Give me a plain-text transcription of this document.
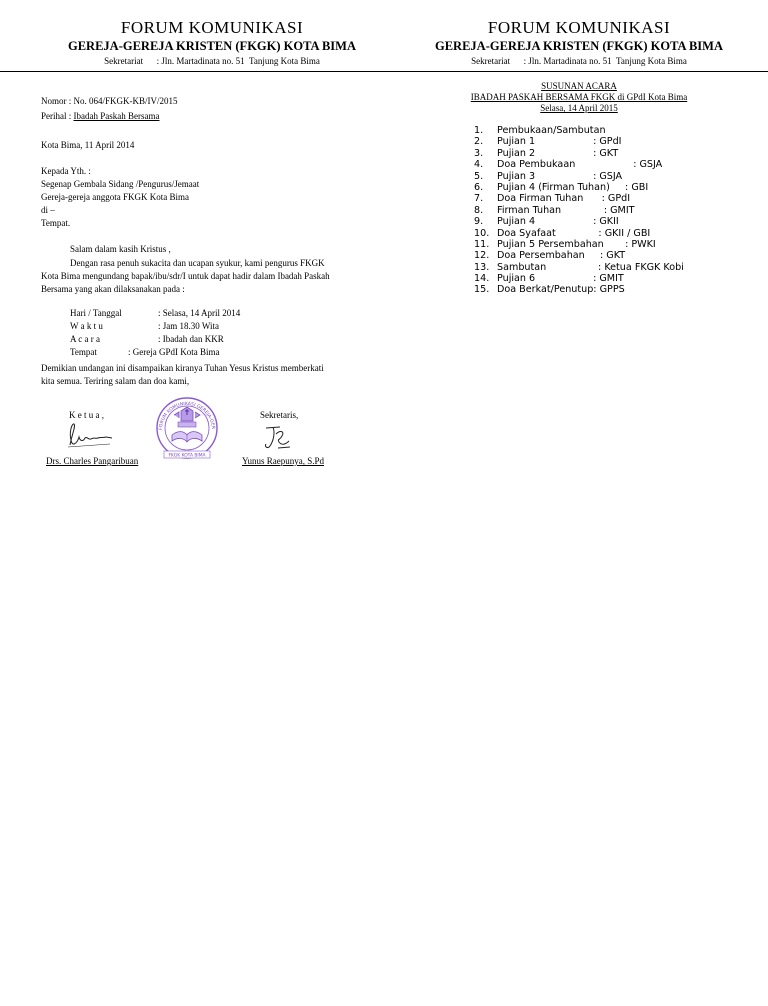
FORUM KOMUNIKASI
GEREJA-GEREJA KRISTEN (FKGK) KOTA BIMA
Sekretariat      : Jln. Martadinata no. 51  Tanjung Kota Bima
FORUM KOMUNIKASI
GEREJA-GEREJA KRISTEN (FKGK) KOTA BIMA
Sekretariat      : Jln. Martadinata no. 51  Tanjung Kota Bima
Nomor : No. 064/FKGK-KB/IV/2015
Perihal : Ibadah Paskah Bersama
Kota Bima, 11 April 2014
Kepada Yth. :
Segenap Gembala Sidang /Pengurus/Jemaat
Gereja-gereja anggota FKGK Kota Bima
di –
Tempat.
Salam dalam kasih Kristus ,
Dengan rasa penuh sukacita dan ucapan syukur, kami pengurus FKGK
Kota Bima mengundang bapak/ibu/sdr/I untuk dapat hadir dalam Ibadah Paskah
Bersama yang akan dilaksanakan pada :
Hari / Tanggal	: Selasa, 14 April 2014
W a k t u	: Jam 18.30 Wita
A c a r a	: Ibadah dan KKR
Tempat	: Gereja GPdI Kota Bima
Demikian undangan ini disampaikan kiranya Tuhan Yesus Kristus memberkati
kita semua. Teriring salam dan doa kami,
K e t u a ,
Drs. Charles Pangaribuan
Sekretaris,
Yunus Raepunya, S.Pd
FORUM KOMUNIKASI GEREJA-GER
FKGK KOTA BIMA
SUSUNAN ACARA
IBADAH PASKAH BERSAMA FKGK di GPdI Kota Bima
Selasa, 14 April 2015
1. Pembukaan/Sambutan
2. Pujian 1                   : GPdI
3. Pujian 2                   : GKT
4. Doa Pembukaan                   : GSJA
5. Pujian 3                   : GSJA
6. Pujian 4 (Firman Tuhan)     : GBI
7. Doa Firman Tuhan      : GPdI
8. Firman Tuhan              : GMIT
9. Pujian 4                   : GKII
10. Doa Syafaat              : GKII / GBI
11. Pujian 5 Persembahan       : PWKI
12. Doa Persembahan     : GKT
13. Sambutan                 : Ketua FKGK Kobi
14. Pujian 6                   : GMIT
15. Doa Berkat/Penutup: GPPS
